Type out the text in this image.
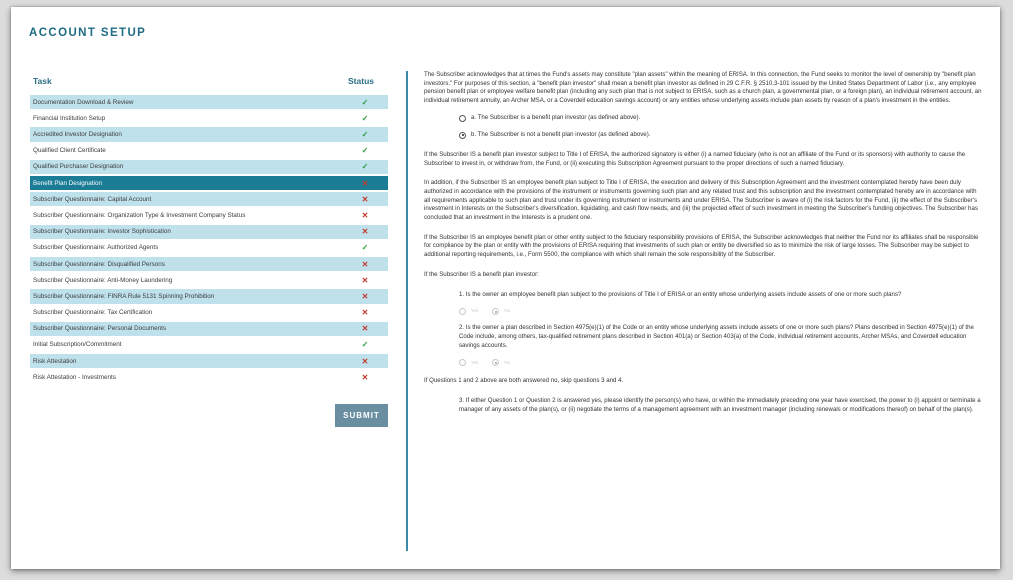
ACCOUNT SETUP
Task	Status
Documentation Download & Review	✓
Financial Institution Setup	✓
Accredited Investor Designation	✓
Qualified Client Certificate	✓
Qualified Purchaser Designation	✓
Benefit Plan Designation	✕
Subscriber Questionnaire: Capital Account	✕
Subscriber Questionnaire: Organization Type & Investment Company Status	✕
Subscriber Questionnaire: Investor Sophistication	✕
Subscriber Questionnaire: Authorized Agents	✓
Subscriber Questionnaire: Disqualified Persons	✕
Subscriber Questionnaire: Anti-Money Laundering	✕
Subscriber Questionnaire: FINRA Rule 5131 Spinning Prohibition	✕
Subscriber Questionnaire: Tax Certification	✕
Subscriber Questionnaire: Personal Documents	✕
Initial Subscription/Commitment	✓
Risk Attestation	✕
Risk Attestation - Investments	✕
SUBMIT

The Subscriber acknowledges that at times the Fund's assets may constitute "plan assets" within the meaning of ERISA. In this connection, the Fund seeks to monitor the level of ownership by "benefit plan investors." For purposes of this section, a "benefit plan investor" shall mean a benefit plan investor as defined in 29 C.F.R. § 2510.3-101 issued by the United States Department of Labor (i.e., any employee pension benefit plan or employee welfare benefit plan (including any such plan that is not subject to ERISA, such as a church plan, a governmental plan, or a foreign plan), an individual retirement account, an individual retirement annuity, an Archer MSA, or a Coverdell education savings account) or any entities whose underlying assets include plan assets by reason of a plan's investment in the entities.

a. The Subscriber is a benefit plan investor (as defined above).
b. The Subscriber is not a benefit plan investor (as defined above).

If the Subscriber IS a benefit plan investor subject to Title I of ERISA, the authorized signatory is either (i) a named fiduciary (who is not an affiliate of the Fund or its sponsors) with authority to cause the Subscriber to invest in, or withdraw from, the Fund, or (ii) executing this Subscription Agreement pursuant to the proper directions of such a named fiduciary.

In addition, if the Subscriber IS an employee benefit plan subject to Title I of ERISA, the execution and delivery of this Subscription Agreement and the investment contemplated hereby have been duly authorized in accordance with the provisions of the instrument or instruments governing such plan and any related trust and this subscription and the investment contemplated hereby are in accordance with all requirements applicable to such plan and trust under its governing instrument or instruments and under ERISA. The Subscriber is aware of (i) the risk factors for the Fund, (ii) the effect of the Subscriber's investment in Interests on the Subscriber's diversification, liquidating, and cash flow needs, and (iii) the projected effect of such investment in meeting the Subscriber's funding objectives. The Subscriber has concluded that an investment in the Interests is a prudent one.

If the Subscriber IS an employee benefit plan or other entity subject to the fiduciary responsibility provisions of ERISA, the Subscriber acknowledges that neither the Fund nor its affiliates shall be responsible for compliance by the plan or entity with the provisions of ERISA requiring that investments of such plan or entity be diversified so as to minimize the risk of large losses. The Subscriber may be subject to additional reporting requirements, i.e., Form 5500, the compliance with which shall remain the sole responsibility of the Subscriber.

If the Subscriber IS a benefit plan investor:

1. Is the owner an employee benefit plan subject to the provisions of Title I of ERISA or an entity whose underlying assets include assets of one or more such plans?

Yes	No

2. Is the owner a plan described in Section 4975(e)(1) of the Code or an entity whose underlying assets include assets of one or more such plans? Plans described in Section 4975(e)(1) of the Code include, among others, tax-qualified retirement plans described in Section 401(a) or Section 403(a) of the Code, individual retirement accounts, Archer MSAs, and Coverdell education savings accounts.

Yes	No

If Questions 1 and 2 above are both answered no, skip questions 3 and 4.

3. If either Question 1 or Question 2 is answered yes, please identify the person(s) who have, or within the immediately preceding one year have exercised, the power to (i) appoint or terminate a manager of any assets of the plan(s), or (ii) negotiate the terms of a management agreement with an investment manager (including renewals or modifications thereof) on behalf of the plan(s).
